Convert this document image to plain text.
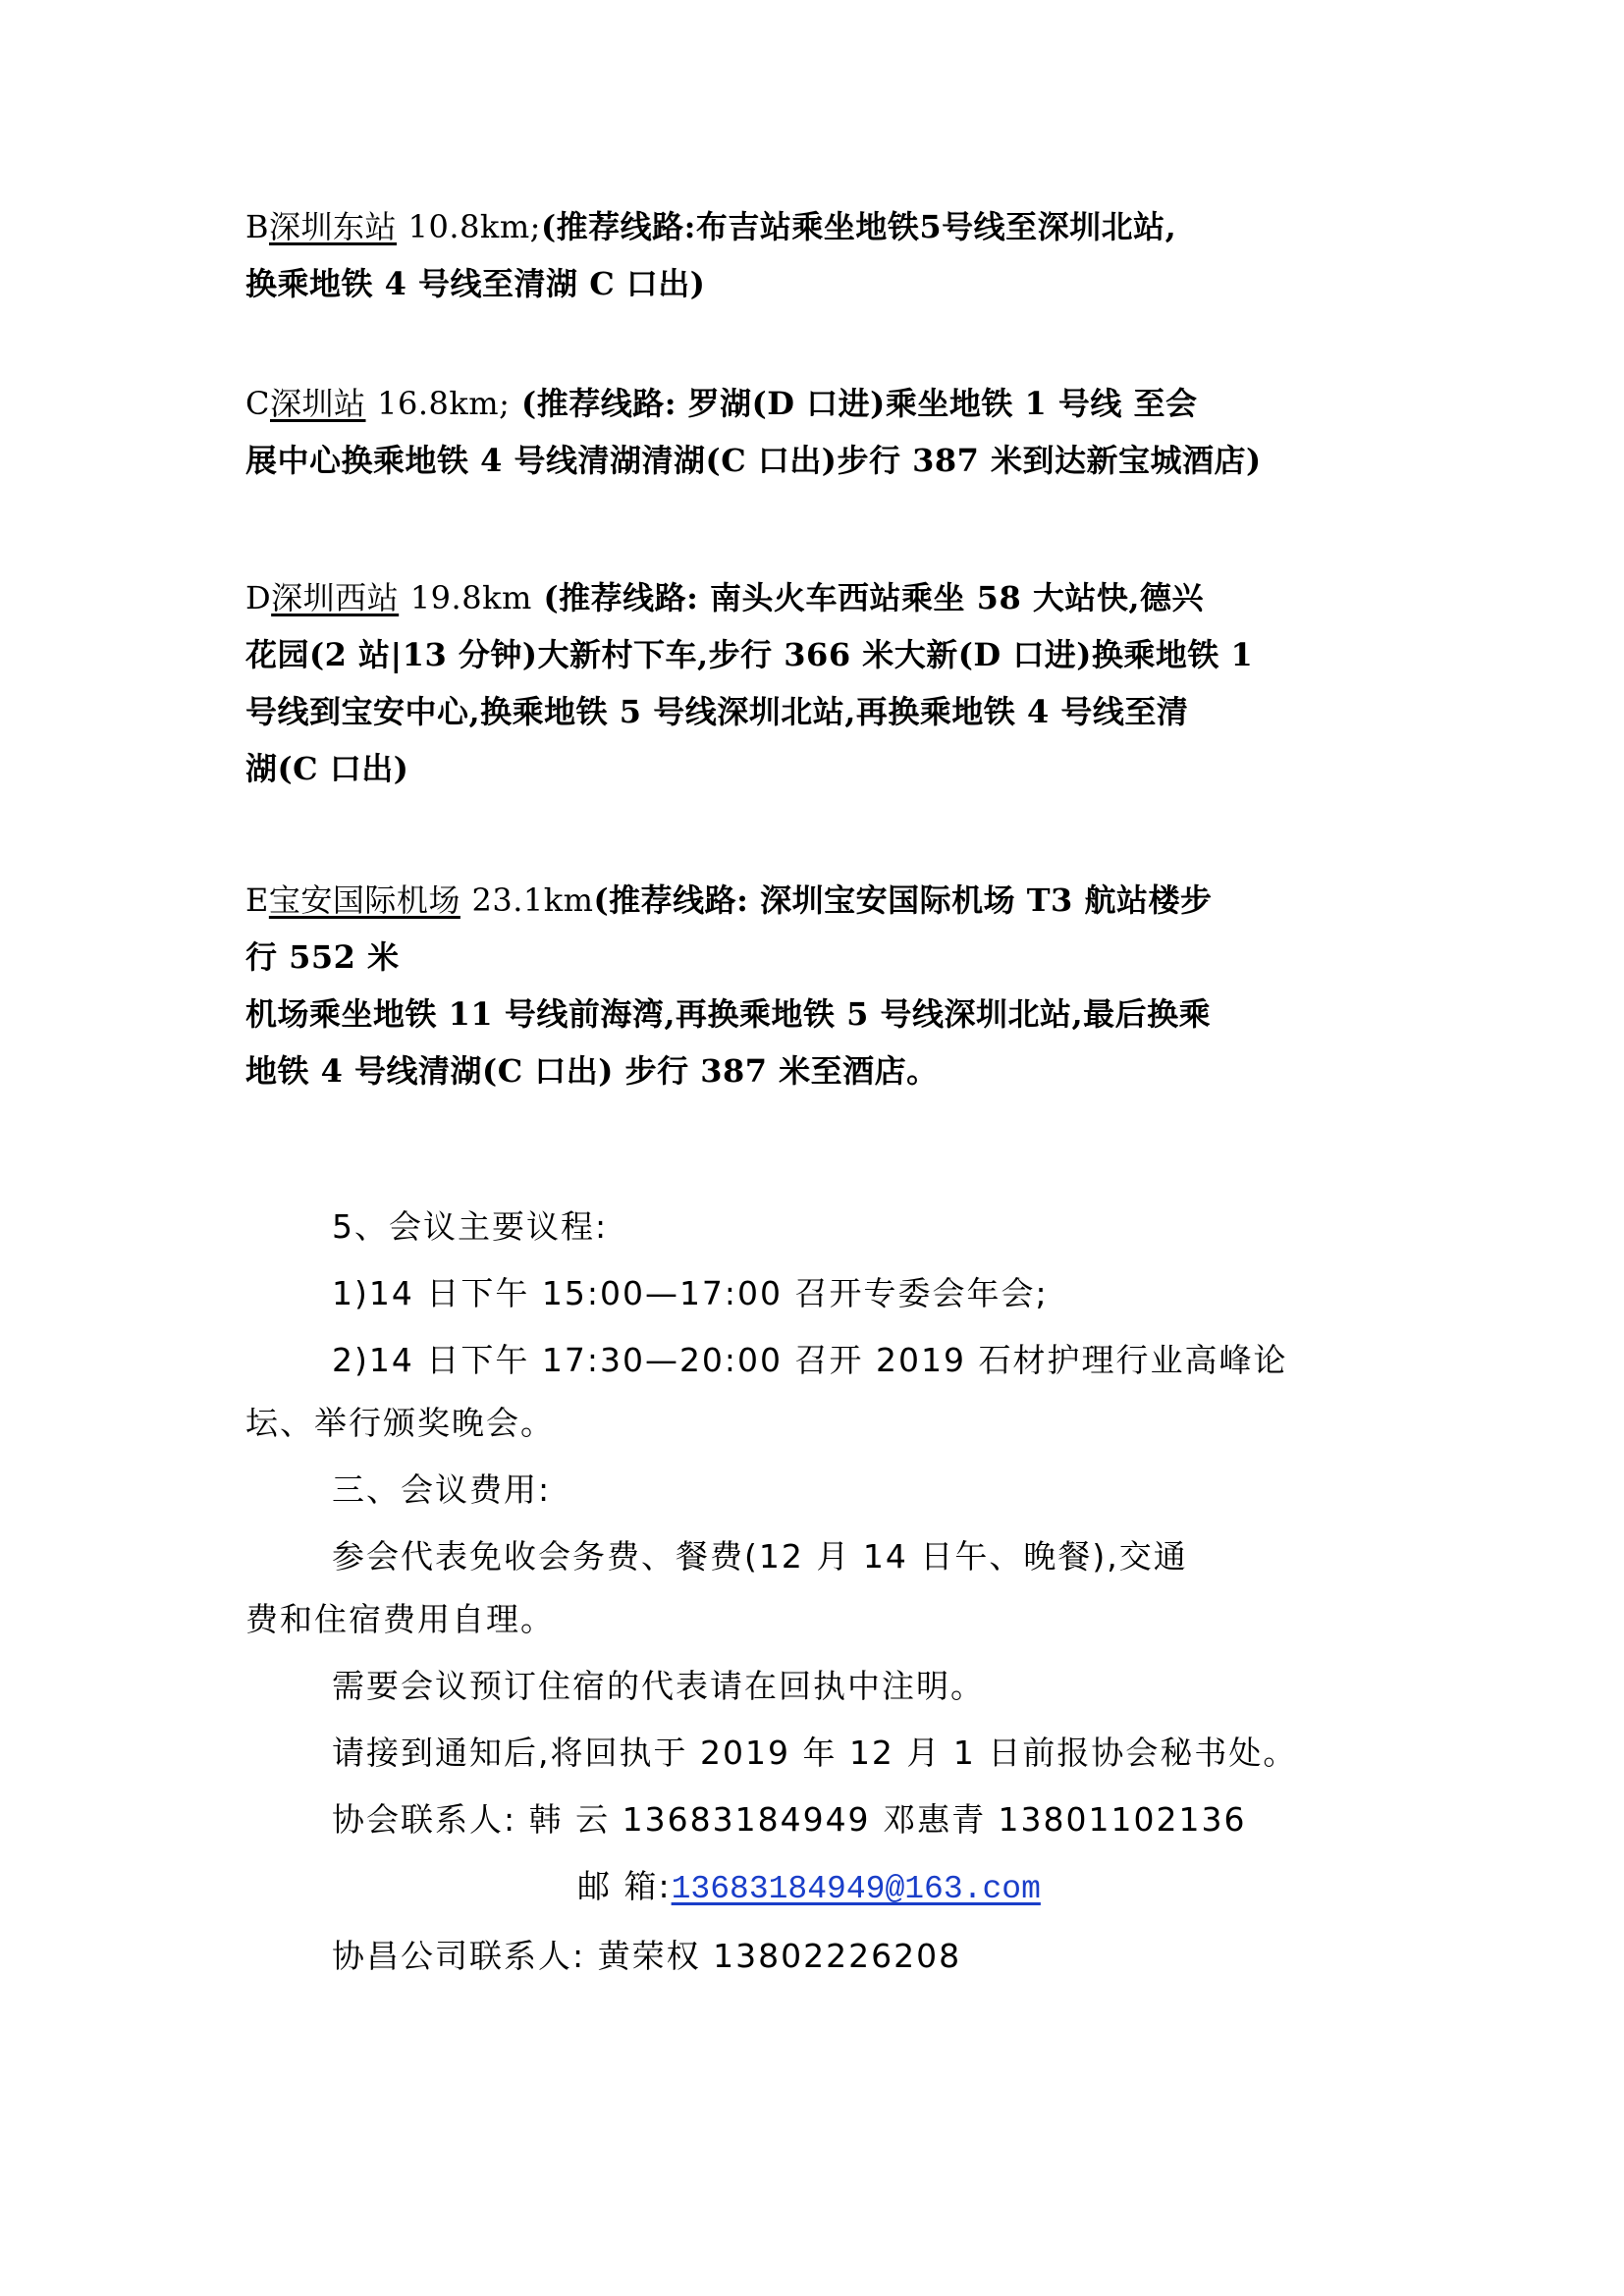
B深圳东站 10.8km;(推荐线路:布吉站乘坐地铁5号线至深圳北站,
换乘地铁 4 号线至清湖 C 口出)
C深圳站 16.8km; (推荐线路: 罗湖(D 口进)乘坐地铁 1 号线 至会
展中心换乘地铁 4 号线清湖清湖(C 口出)步行 387 米到达新宝城酒店)
D深圳西站 19.8km (推荐线路: 南头火车西站乘坐 58 大站快,德兴
花园(2 站|13 分钟)大新村下车,步行 366 米大新(D 口进)换乘地铁 1
号线到宝安中心,换乘地铁 5 号线深圳北站,再换乘地铁 4 号线至清
湖(C 口出)
E宝安国际机场 23.1km(推荐线路: 深圳宝安国际机场 T3 航站楼步
行 552 米
机场乘坐地铁 11 号线前海湾,再换乘地铁 5 号线深圳北站,最后换乘
地铁 4 号线清湖(C 口出) 步行 387 米至酒店。
5、会议主要议程:
1)14 日下午 15:00—17:00 召开专委会年会;
2)14 日下午 17:30—20:00 召开 2019 石材护理行业高峰论
坛、举行颁奖晚会。
三、会议费用:
参会代表免收会务费、餐费(12 月 14 日午、晚餐),交通
费和住宿费用自理。
需要会议预订住宿的代表请在回执中注明。
请接到通知后,将回执于 2019 年 12 月 1 日前报协会秘书处。
协会联系人: 韩 云 13683184949 邓惠青 13801102136
邮 箱:13683184949@163.com
协昌公司联系人: 黄荣权 13802226208
